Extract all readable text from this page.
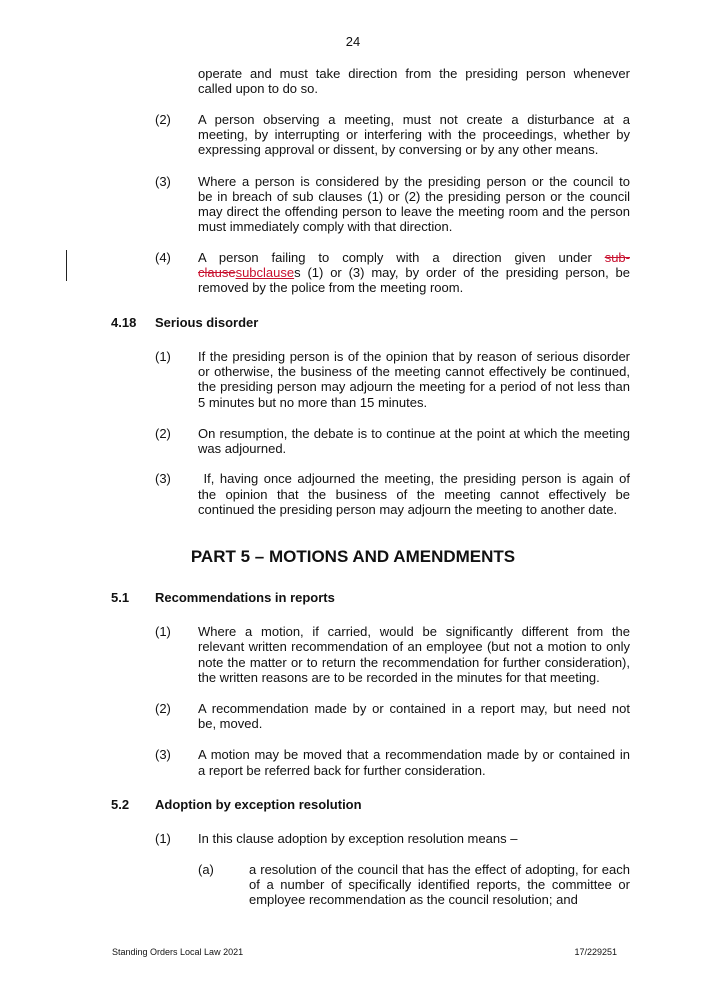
24
operate and must take direction from the presiding person whenever
called upon to do so.
(2) A person observing a meeting, must not create a disturbance at a
meeting, by interrupting or interfering with the proceedings, whether by
expressing approval or dissent, by conversing or by any other means.
(3) Where a person is considered by the presiding person or the council to
be in breach of sub clauses (1) or (2) the presiding person or the council
may direct the offending person to leave the meeting room and the person
must immediately comply with that direction.
(4) A person failing to comply with a direction given under sub-
clausesubclauses (1) or (3) may, by order of the presiding person, be
removed by the police from the meeting room.
4.18 Serious disorder
(1) If the presiding person is of the opinion that by reason of serious disorder
or otherwise, the business of the meeting cannot effectively be continued,
the presiding person may adjourn the meeting for a period of not less than
5 minutes but no more than 15 minutes.
(2) On resumption, the debate is to continue at the point at which the meeting
was adjourned.
(3) If, having once adjourned the meeting, the presiding person is again of
the opinion that the business of the meeting cannot effectively be
continued the presiding person may adjourn the meeting to another date.
PART 5 – MOTIONS AND AMENDMENTS
5.1 Recommendations in reports
(1) Where a motion, if carried, would be significantly different from the
relevant written recommendation of an employee (but not a motion to only
note the matter or to return the recommendation for further consideration),
the written reasons are to be recorded in the minutes for that meeting.
(2) A recommendation made by or contained in a report may, but need not
be, moved.
(3) A motion may be moved that a recommendation made by or contained in
a report be referred back for further consideration.
5.2 Adoption by exception resolution
(1) In this clause adoption by exception resolution means –
(a)	a resolution of the council that has the effect of adopting, for each
of a number of specifically identified reports, the committee or
employee recommendation as the council resolution; and
Standing Orders Local Law 2021	17/229251
